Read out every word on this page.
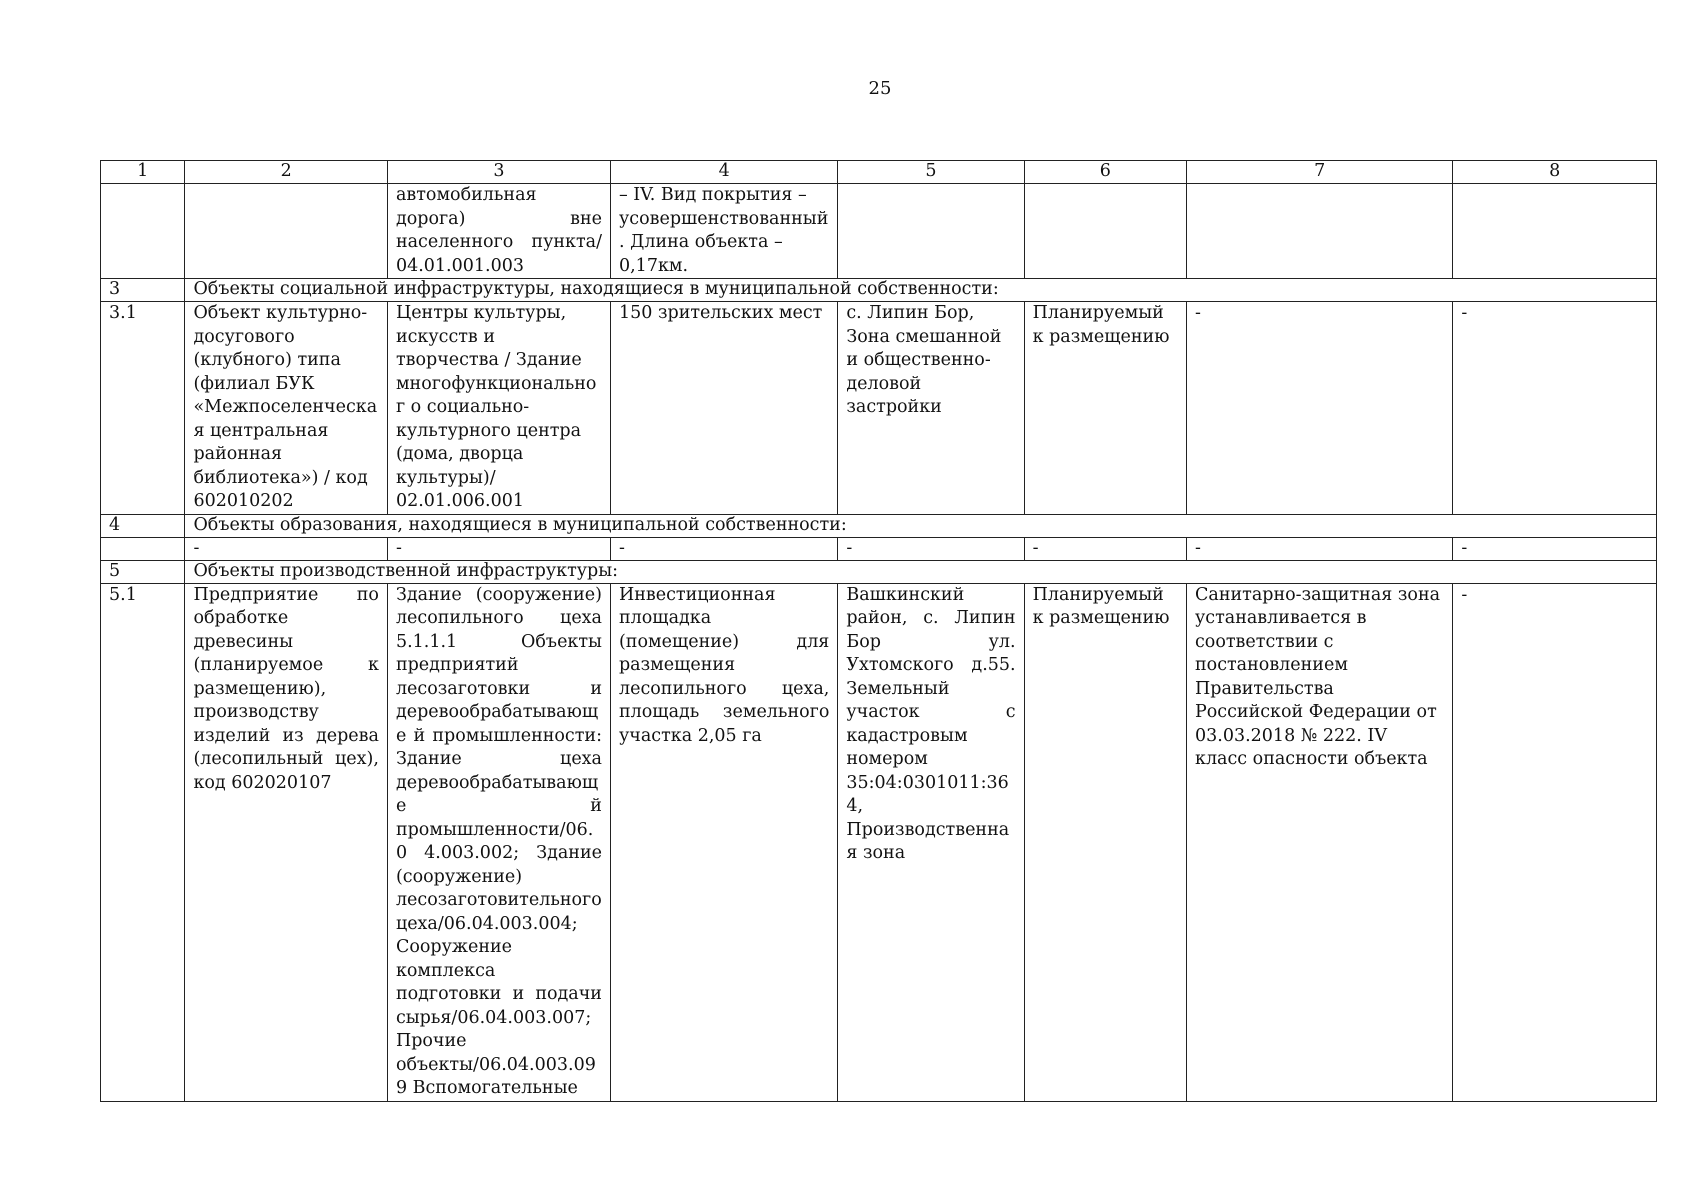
25
1	2	3	4	5	6	7	8
		автомобильная дорога) вне населенного пункта/ 04.01.001.003	– IV. Вид покрытия – усовершенствованный. Длина объекта – 0,17км.				
3	Объекты социальной инфраструктуры, находящиеся в муниципальной собственности:						
3.1	Объект культурно-досугового (клубного) типа (филиал БУК «Межпоселенческая центральная районная библиотека») / код 602010202	Центры культуры, искусств и творчества / Здание многофункциональног о социально-культурного центра (дома, дворца культуры)/ 02.01.006.001	150 зрительских мест	с. Липин Бор, Зона смешанной и общественно-деловой застройки	Планируемый к размещению	-	-
4	Объекты образования, находящиеся в муниципальной собственности:						
	-	-	-	-	-	-	-
5	Объекты производственной инфраструктуры:						
5.1	Предприятие по обработке древесины (планируемое к размещению), производству изделий из дерева (лесопильный цех), код 602020107	Здание (сооружение) лесопильного цеха 5.1.1.1 Объекты предприятий лесозаготовки и деревообрабатывающе й промышленности: Здание цеха деревообрабатывающе й промышленности/06.0 4.003.002; Здание (сооружение) лесозаготовительного цеха/06.04.003.004; Сооружение комплекса подготовки и подачи сырья/06.04.003.007; Прочие объекты/06.04.003.099 Вспомогательные	Инвестиционная площадка (помещение) для размещения лесопильного цеха, площадь земельного участка 2,05 га	Вашкинский район, с. Липин Бор ул. Ухтомского д.55. Земельный участок с кадастровым номером 35:04:0301011:364, Производственная зона	Планируемый к размещению	Санитарно-защитная зона устанавливается в соответствии с постановлением Правительства Российской Федерации от 03.03.2018 № 222. IV класс опасности объекта	-
